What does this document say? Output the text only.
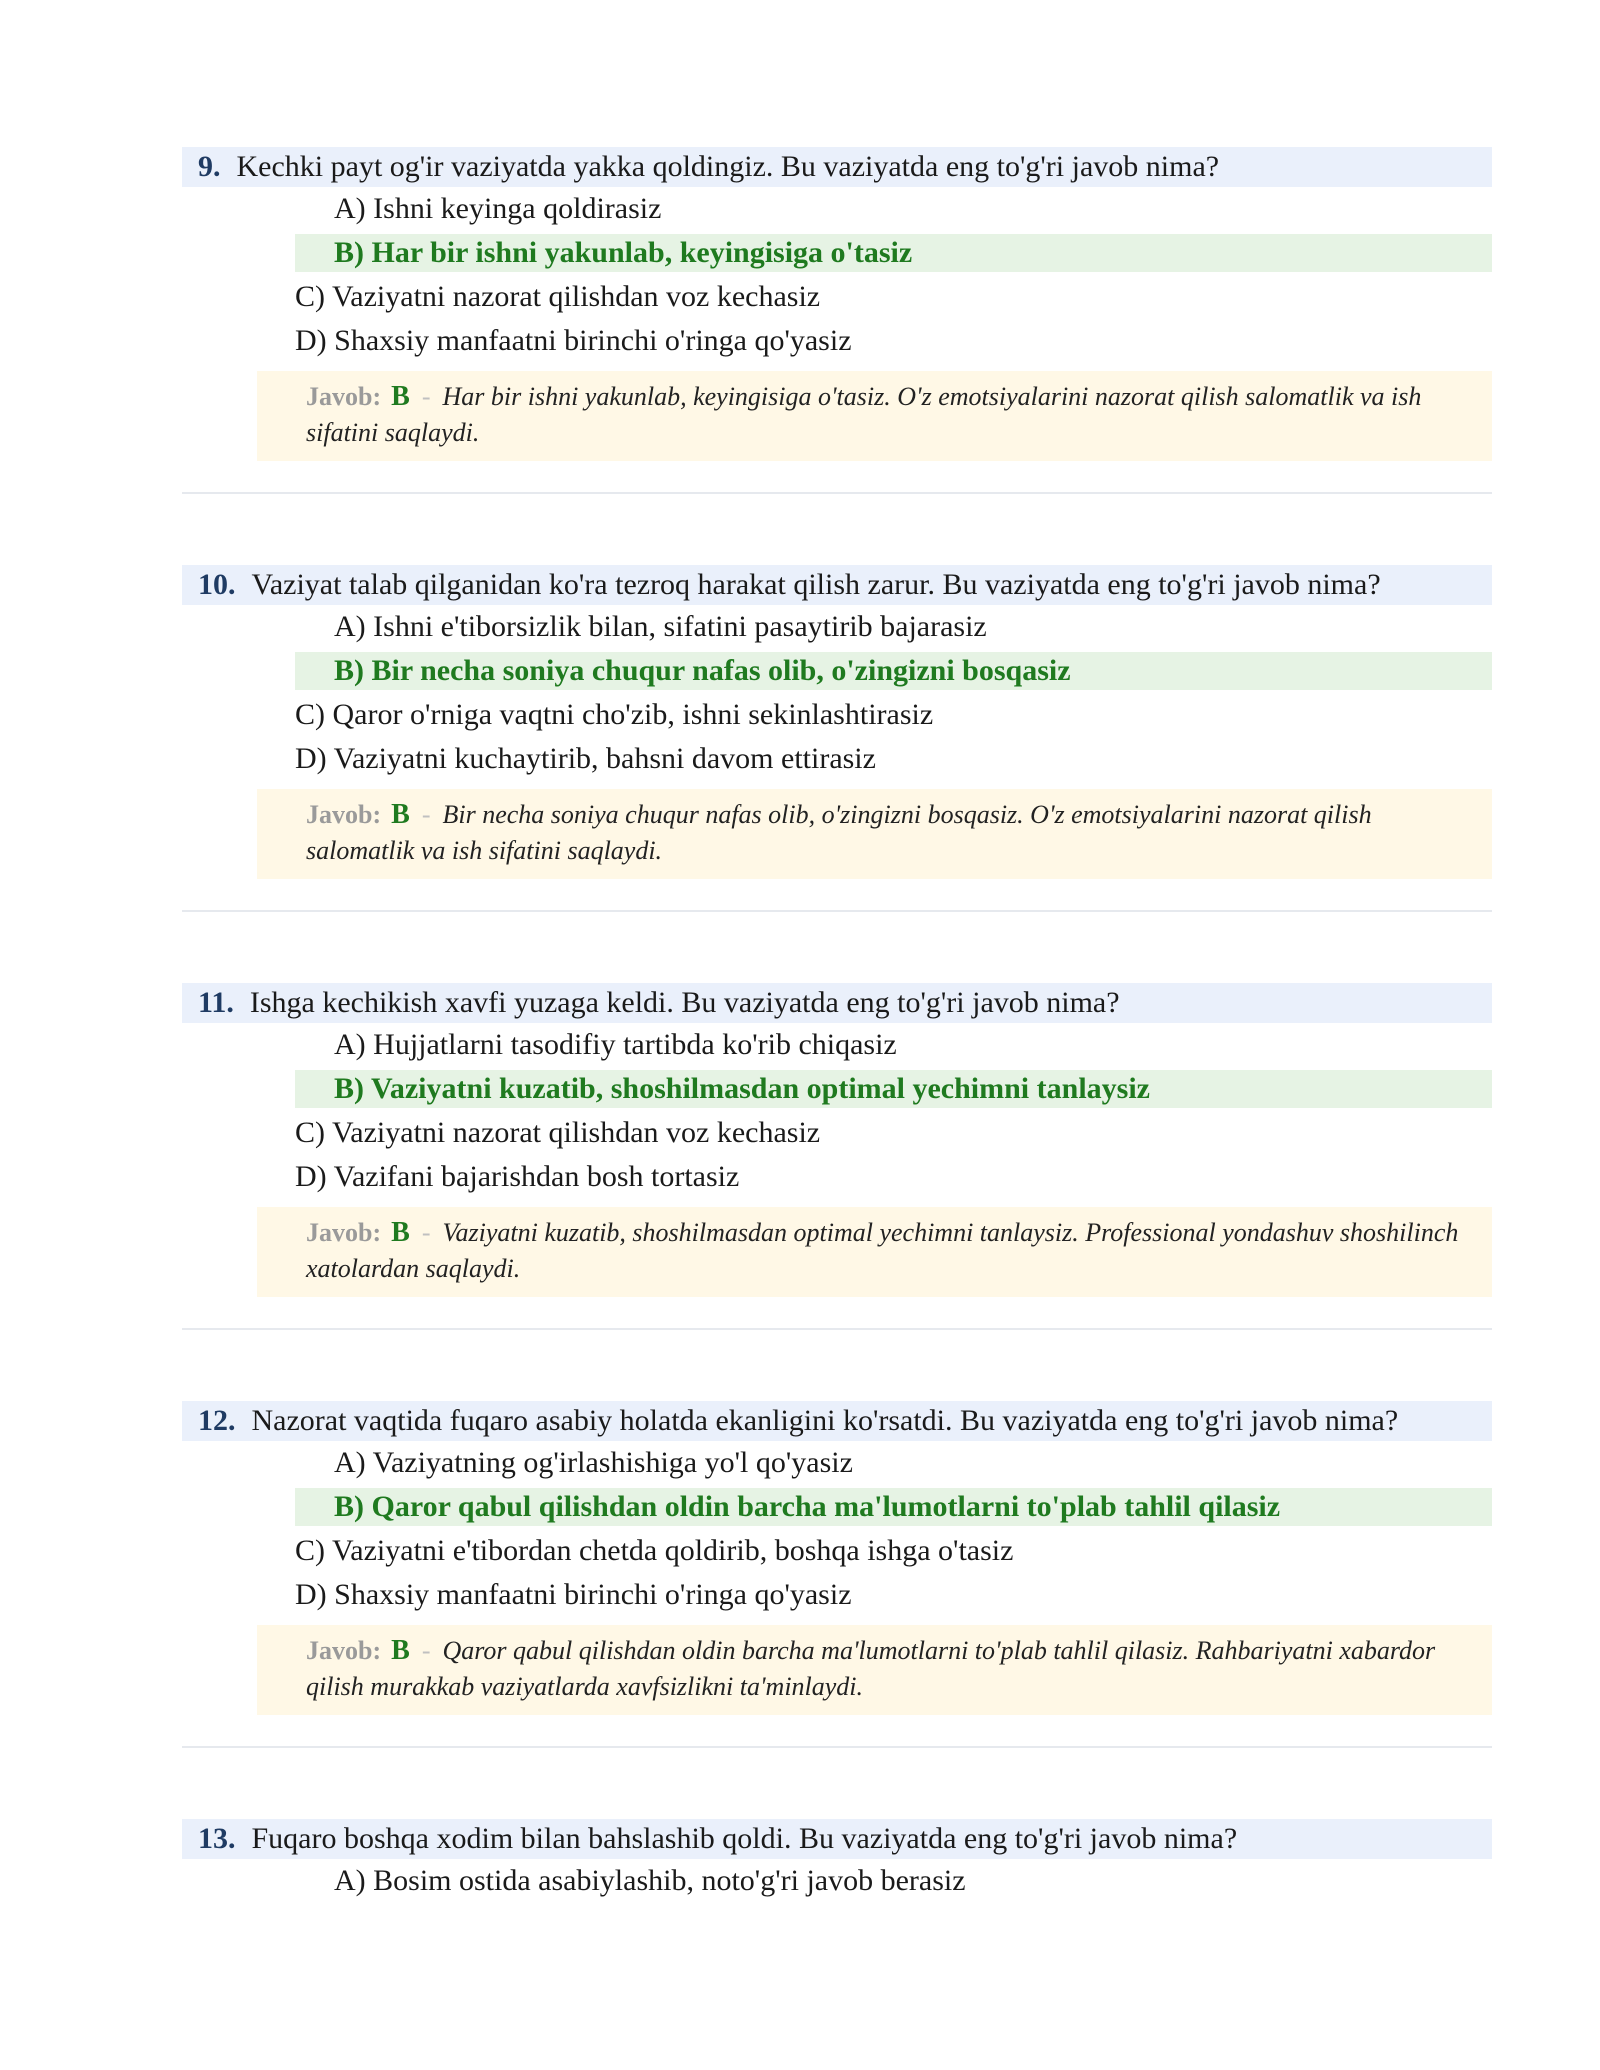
9. Kechki payt og'ir vaziyatda yakka qoldingiz. Bu vaziyatda eng to'g'ri javob nima?
A) Ishni keyinga qoldirasiz
B) Har bir ishni yakunlab, keyingisiga o'tasiz
C) Vaziyatni nazorat qilishdan voz kechasiz
D) Shaxsiy manfaatni birinchi o'ringa qo'yasiz
Javob: B - Har bir ishni yakunlab, keyingisiga o'tasiz. O'z emotsiyalarini nazorat qilish salomatlik va ish sifatini saqlaydi.
10. Vaziyat talab qilganidan ko'ra tezroq harakat qilish zarur. Bu vaziyatda eng to'g'ri javob nima?
A) Ishni e'tiborsizlik bilan, sifatini pasaytirib bajarasiz
B) Bir necha soniya chuqur nafas olib, o'zingizni bosqasiz
C) Qaror o'rniga vaqtni cho'zib, ishni sekinlashtirasiz
D) Vaziyatni kuchaytirib, bahsni davom ettirasiz
Javob: B - Bir necha soniya chuqur nafas olib, o'zingizni bosqasiz. O'z emotsiyalarini nazorat qilish salomatlik va ish sifatini saqlaydi.
11. Ishga kechikish xavfi yuzaga keldi. Bu vaziyatda eng to'g'ri javob nima?
A) Hujjatlarni tasodifiy tartibda ko'rib chiqasiz
B) Vaziyatni kuzatib, shoshilmasdan optimal yechimni tanlaysiz
C) Vaziyatni nazorat qilishdan voz kechasiz
D) Vazifani bajarishdan bosh tortasiz
Javob: B - Vaziyatni kuzatib, shoshilmasdan optimal yechimni tanlaysiz. Professional yondashuv shoshilinch xatolardan saqlaydi.
12. Nazorat vaqtida fuqaro asabiy holatda ekanligini ko'rsatdi. Bu vaziyatda eng to'g'ri javob nima?
A) Vaziyatning og'irlashishiga yo'l qo'yasiz
B) Qaror qabul qilishdan oldin barcha ma'lumotlarni to'plab tahlil qilasiz
C) Vaziyatni e'tibordan chetda qoldirib, boshqa ishga o'tasiz
D) Shaxsiy manfaatni birinchi o'ringa qo'yasiz
Javob: B - Qaror qabul qilishdan oldin barcha ma'lumotlarni to'plab tahlil qilasiz. Rahbariyatni xabardor qilish murakkab vaziyatlarda xavfsizlikni ta'minlaydi.
13. Fuqaro boshqa xodim bilan bahslashib qoldi. Bu vaziyatda eng to'g'ri javob nima?
A) Bosim ostida asabiylashib, noto'g'ri javob berasiz
